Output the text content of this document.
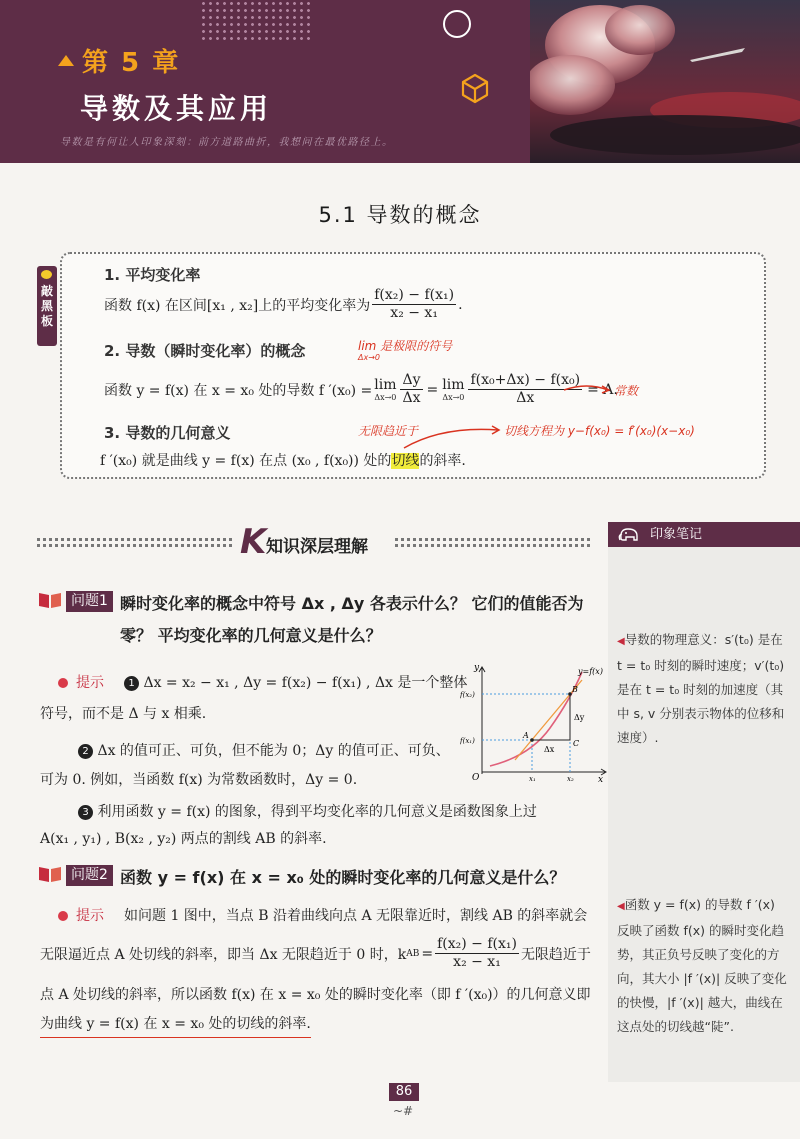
第 5 章
导数及其应用
导数是有何让人印象深刻：前方道路曲折，我想问在最优路径上。
5.1 导数的概念
敲黑板
1. 平均变化率
函数 f(x) 在区间[x₁ , x₂]上的平均变化率为 $\frac{\text{f(x₂) − f(x₁)}}{\text{x₂ − x₁}}$ .
2. 导数（瞬时变化率）的概念	lim 是极限的符号
Δx→0
函数 y = f(x) 在 x = x₀ 处的导数 f ′(x₀) = lim
$\Delta x\to 0 \frac{\Delta y}{\Delta x} = \lim$
$\Delta x\to 0 \frac{\text{f(x₀+Δx) − f(x₀)}}{\Delta x} = A$.
常数
3. 导数的几何意义	无限趋近于	切线方程为 y−f(x₀) = f′(x₀)(x−x₀)
f ′(x₀) 就是曲线 y = f(x) 在点 (x₀ , f(x₀)) 处的切线的斜率.
K 知识深层理解
印象笔记
◀导数的物理意义：s′(t₀) 是在 t = t₀ 时刻的瞬时速度；v′(t₀) 是在 t = t₀ 时刻的加速度（其中 s, v 分别表示物体的位移和速度）.
◀函数 y = f(x) 的导数 f ′(x) 反映了函数 f(x) 的瞬时变化趋势，其正负号反映了变化的方向，其大小 |f ′(x)| 反映了变化的快慢，|f ′(x)| 越大，曲线在这点处的切线越“陡”.
问题1 瞬时变化率的概念中符号 Δx , Δy 各表示什么？ 它们的值能否为
零？ 平均变化率的几何意义是什么？
提示	1 Δx = x₂ − x₁ , Δy = f(x₂) − f(x₁) , Δx 是一个整体
符号，而不是 Δ 与 x 相乘.
2 Δx 的值可正、可负，但不能为 0；Δy 的值可正、可负、
可为 0. 例如，当函数 f(x) 为常数函数时，Δy = 0.
3 利用函数 y = f(x) 的图象，得到平均变化率的几何意义是函数图象上过
A(x₁ , y₁) , B(x₂ , y₂) 两点的割线 AB 的斜率.
y=f(x)
y
x
O
f(x₂)
f(x₁)
A
B
C
Δx
Δy
x₁	x₂
问题2 函数 y = f(x) 在 x = x₀ 处的瞬时变化率的几何意义是什么？
提示 如问题 1 图中，当点 B 沿着曲线向点 A 无限靠近时，割线 AB 的斜率就会
无限逼近点 A 处切线的斜率，即当 Δx 无限趋近于 0 时，k AB = $\frac{\text{f(x₂) − f(x₁)}}{\text{x₂ − x₁}}$ 无限趋近于
点 A 处切线的斜率，所以函数 f(x) 在 x = x₀ 处的瞬时变化率（即 f ′(x₀)）的几何意义即
为曲线 y = f(x) 在 x = x₀ 处的切线的斜率.
86
~#
